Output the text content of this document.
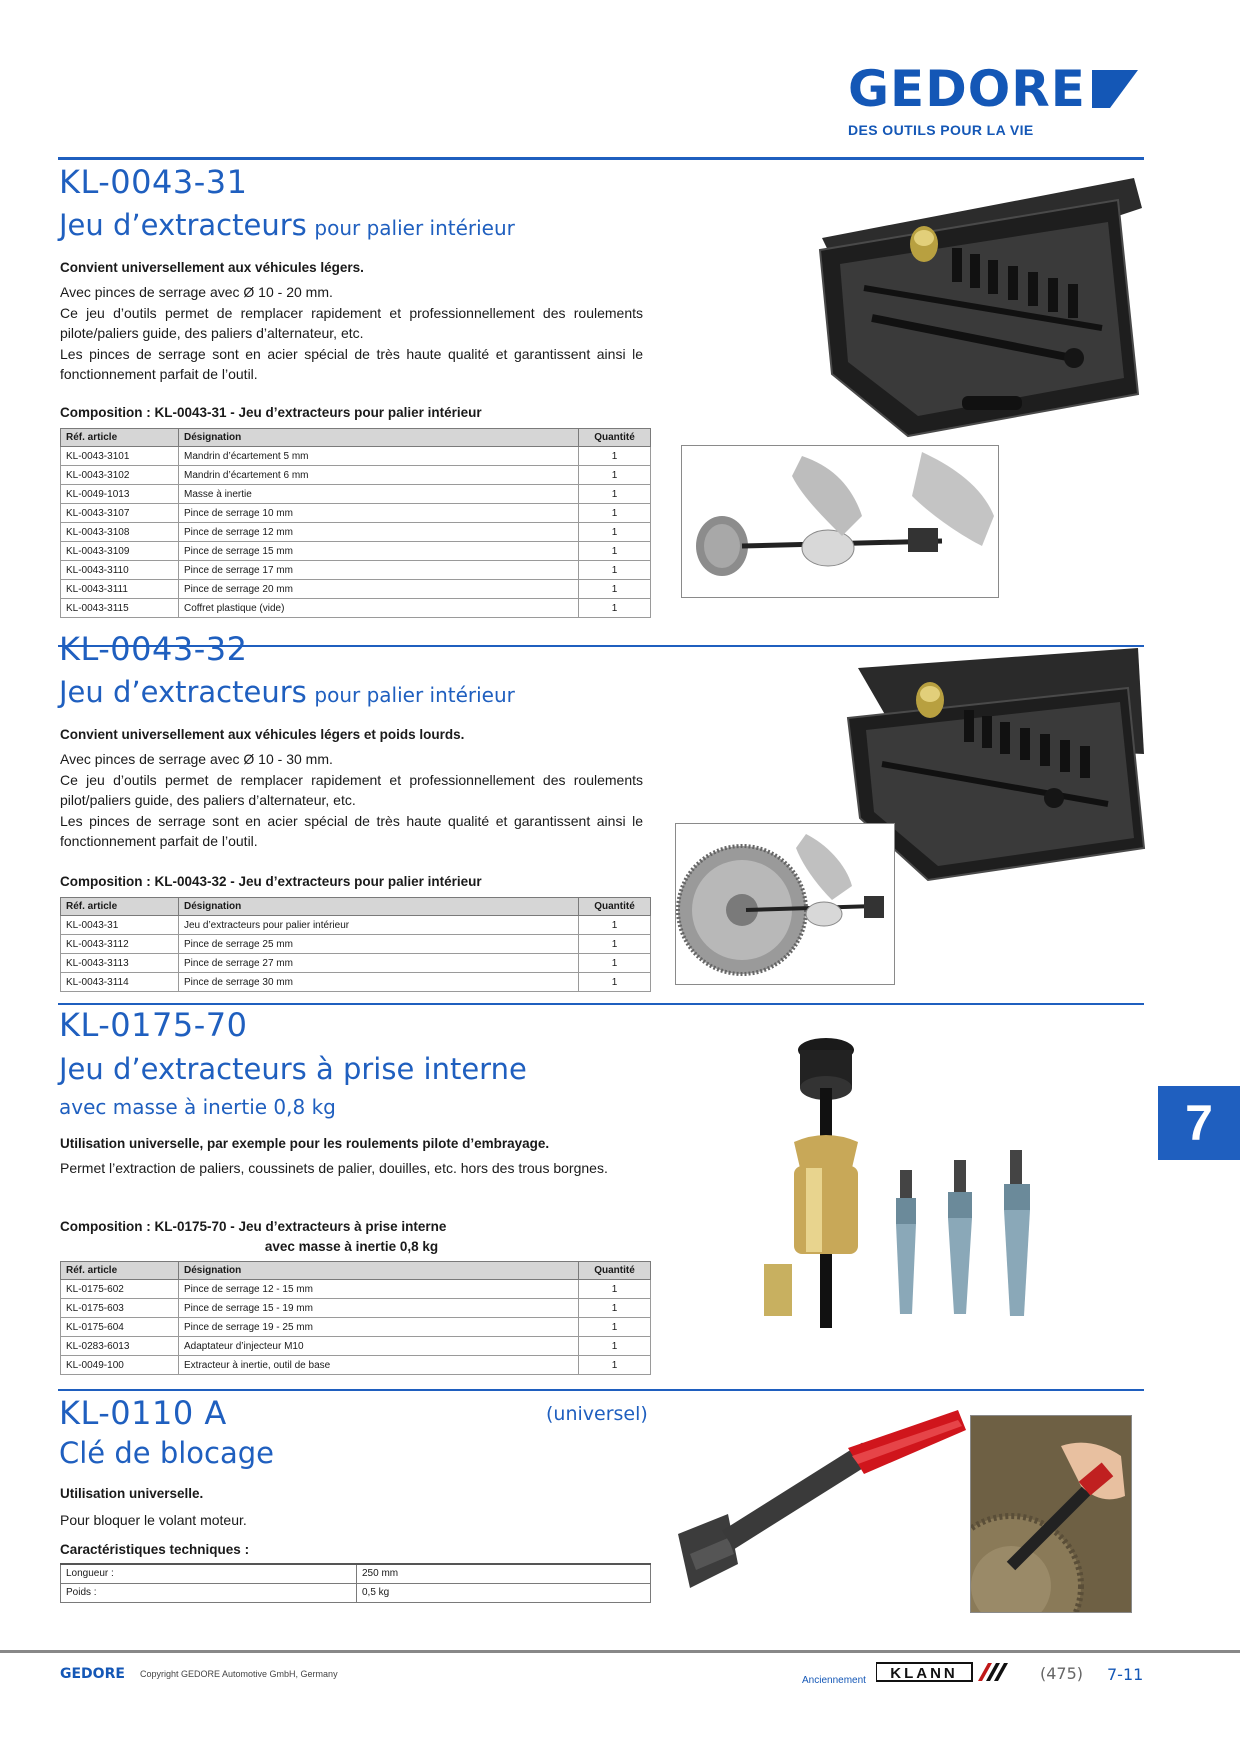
GEDORE
DES OUTILS POUR LA VIE
KL-0043-31
Jeu d’extracteurs pour palier intérieur
Convient universellement aux véhicules légers.

Avec pinces de serrage avec Ø 10 - 20 mm.

Ce jeu d’outils permet de remplacer rapidement et professionnellement des roulements pilote/paliers guide, des paliers d’alternateur, etc.

Les pinces de serrage sont en acier spécial de très haute qualité et garantissent ainsi le fonctionnement parfait de l’outil.

Composition : KL-0043-31 - Jeu d’extracteurs pour palier intérieur
Réf. article	Désignation	Quantité
KL-0043-3101	Mandrin d’écartement 5 mm	1
KL-0043-3102	Mandrin d’écartement 6 mm	1
KL-0049-1013	Masse à inertie	1
KL-0043-3107	Pince de serrage 10 mm	1
KL-0043-3108	Pince de serrage 12 mm	1
KL-0043-3109	Pince de serrage 15 mm	1
KL-0043-3110	Pince de serrage 17 mm	1
KL-0043-3111	Pince de serrage 20 mm	1
KL-0043-3115	Coffret plastique (vide)	1
KL-0043-32
Jeu d’extracteurs pour palier intérieur
Convient universellement aux véhicules légers et poids lourds.

Avec pinces de serrage avec Ø 10 - 30 mm.

Ce jeu d’outils permet de remplacer rapidement et professionnellement des roulements pilot/paliers guide, des paliers d’alternateur, etc.

Les pinces de serrage sont en acier spécial de très haute qualité et garantissent ainsi le fonctionnement parfait de l’outil.

Composition : KL-0043-32 - Jeu d’extracteurs pour palier intérieur
Réf. article	Désignation	Quantité
KL-0043-31	Jeu d’extracteurs pour palier intérieur	1
KL-0043-3112	Pince de serrage 25 mm	1
KL-0043-3113	Pince de serrage 27 mm	1
KL-0043-3114	Pince de serrage 30 mm	1
KL-0175-70
Jeu d’extracteurs à prise interne
avec masse à inertie 0,8 kg
Utilisation universelle, par exemple pour les roulements pilote d’embrayage.

Permet l’extraction de paliers, coussinets de palier, douilles, etc. hors des trous borgnes.

Composition : KL-0175-70 - Jeu d’extracteurs à prise interne
avec masse à inertie 0,8 kg
Réf. article	Désignation	Quantité
KL-0175-602	Pince de serrage 12 - 15 mm	1
KL-0175-603	Pince de serrage 15 - 19 mm	1
KL-0175-604	Pince de serrage 19 - 25 mm	1
KL-0283-6013	Adaptateur d’injecteur M10	1
KL-0049-100	Extracteur à inertie, outil de base	1
7
KL-0110 A	(universel)
Clé de blocage
Utilisation universelle.

Pour bloquer le volant moteur.

Caractéristiques techniques :
Longueur :	250 mm
Poids :	0,5 kg
GEDORE Copyright GEDORE Automotive GmbH, Germany
Anciennement KLANN	(475) 7-11
